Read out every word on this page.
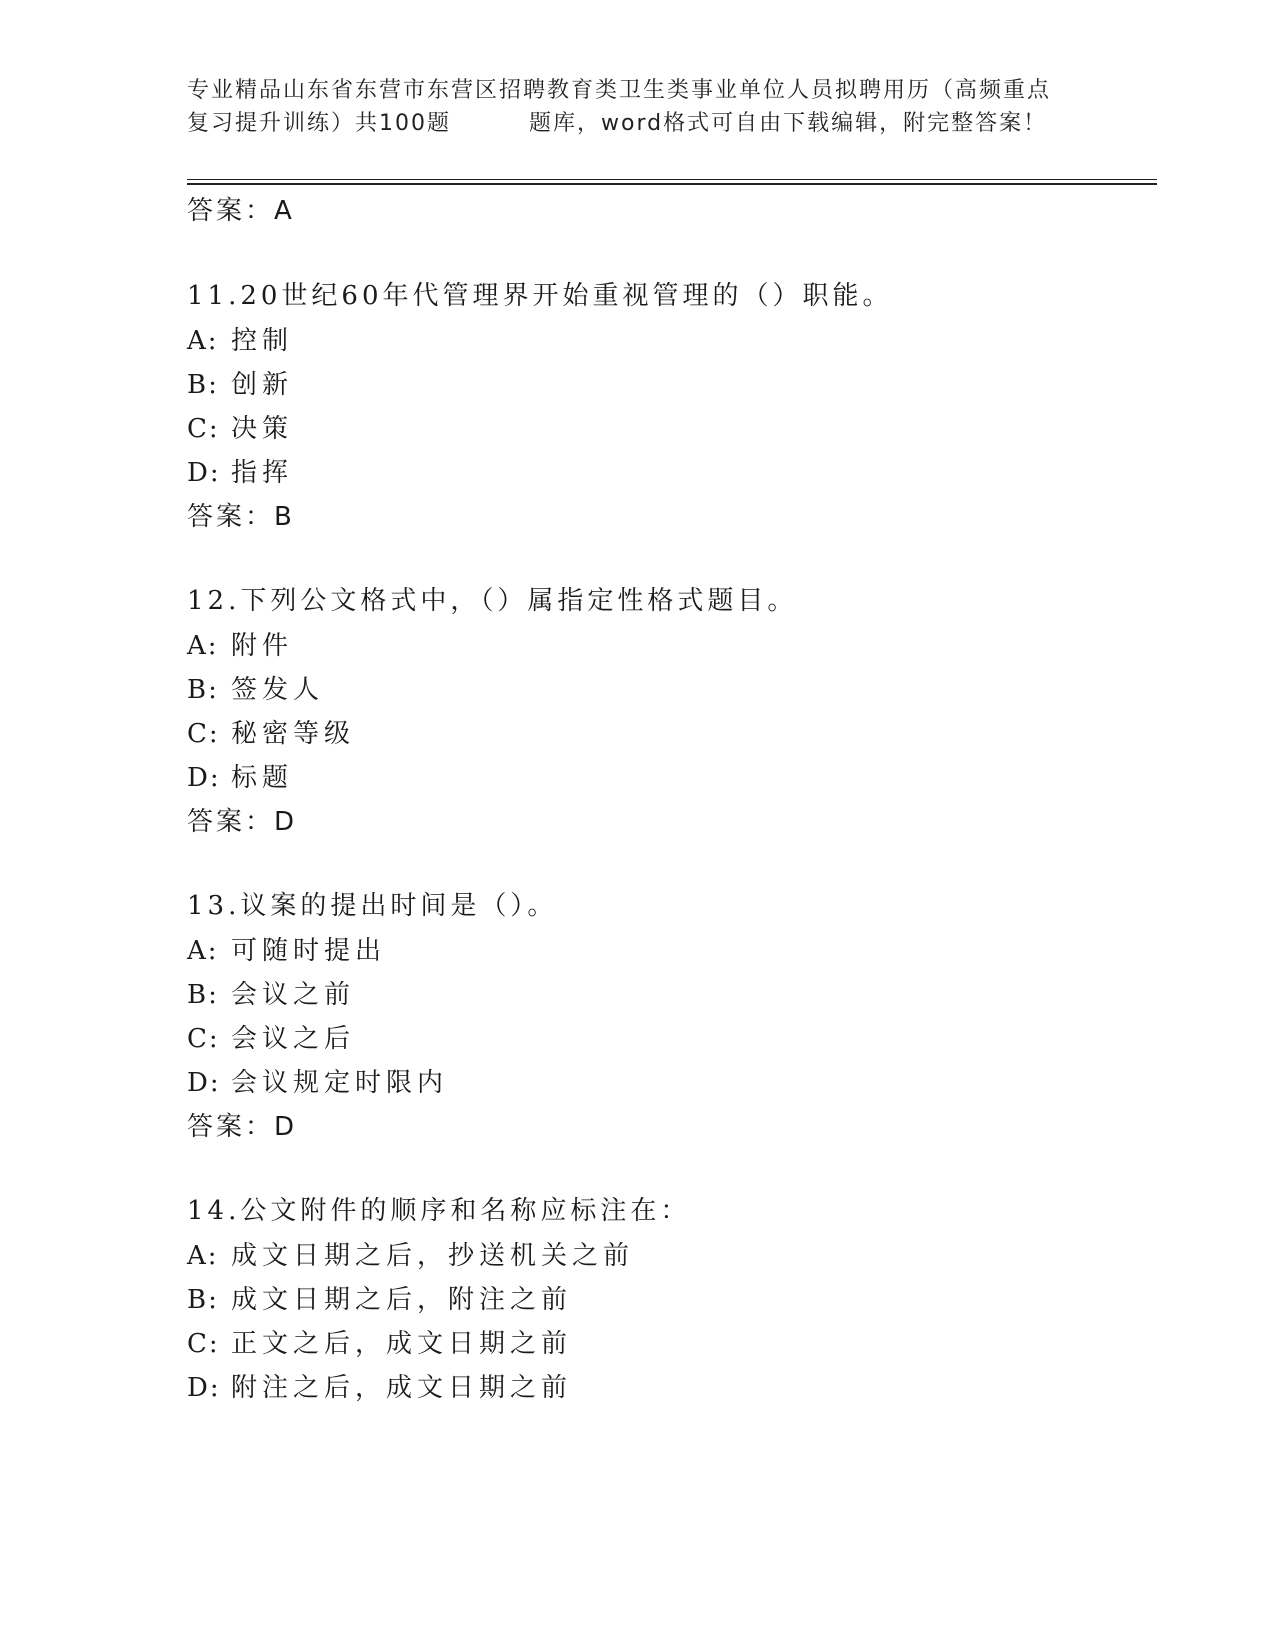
专业精品山东省东营市东营区招聘教育类卫生类事业单位人员拟聘用历（高频重点
复习提升训练）共100题	题库，word格式可自由下载编辑，附完整答案！
答案：A
11.20世纪60年代管理界开始重视管理的（）职能。
A: 控制
B: 创新
C: 决策
D: 指挥
答案：B
12.下列公文格式中，（）属指定性格式题目。
A: 附件
B: 签发人
C: 秘密等级
D: 标题
答案：D
13.议案的提出时间是（）。
A: 可随时提出
B: 会议之前
C: 会议之后
D: 会议规定时限内
答案：D
14.公文附件的顺序和名称应标注在：
A: 成文日期之后，抄送机关之前
B: 成文日期之后，附注之前
C: 正文之后，成文日期之前
D: 附注之后，成文日期之前
